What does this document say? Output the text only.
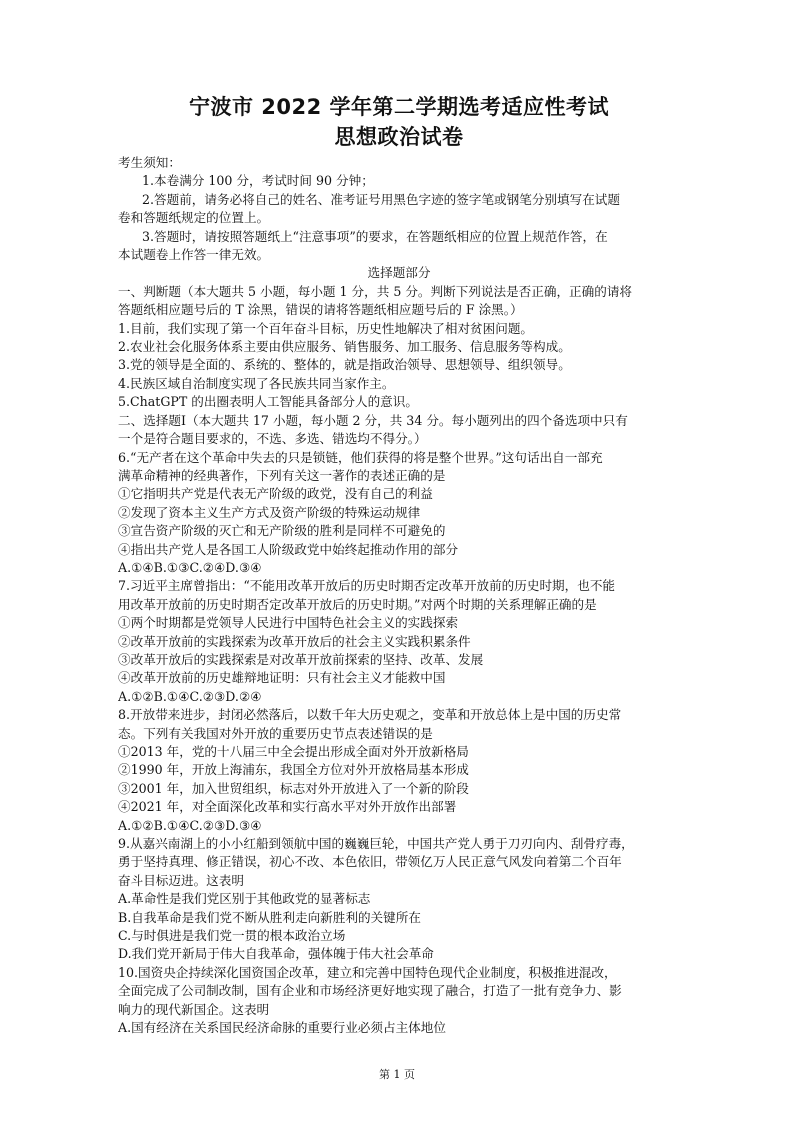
宁波市 2022 学年第二学期选考适应性考试

思想政治试卷

考生须知：

1.本卷满分 100 分，考试时间 90 分钟；

2.答题前，请务必将自己的姓名、准考证号用黑色字迹的签字笔或钢笔分别填写在试题

卷和答题纸规定的位置上。

3.答题时，请按照答题纸上“注意事项”的要求，在答题纸相应的位置上规范作答，在

本试题卷上作答一律无效。

选择题部分

一、判断题（本大题共 5 小题，每小题 1 分，共 5 分。判断下列说法是否正确，正确的请将

答题纸相应题号后的 T 涂黑，错误的请将答题纸相应题号后的 F 涂黑。）

1.目前，我们实现了第一个百年奋斗目标，历史性地解决了相对贫困问题。

2.农业社会化服务体系主要由供应服务、销售服务、加工服务、信息服务等构成。

3.党的领导是全面的、系统的、整体的，就是指政治领导、思想领导、组织领导。

4.民族区域自治制度实现了各民族共同当家作主。

5.ChatGPT 的出圈表明人工智能具备部分人的意识。

二、选择题Ⅰ（本大题共 17 小题，每小题 2 分，共 34 分。每小题列出的四个备选项中只有

一个是符合题目要求的，不选、多选、错选均不得分。）

6.“无产者在这个革命中失去的只是锁链，他们获得的将是整个世界。”这句话出自一部充

满革命精神的经典著作，下列有关这一著作的表述正确的是

①它指明共产党是代表无产阶级的政党，没有自己的利益

②发现了资本主义生产方式及资产阶级的特殊运动规律

③宣告资产阶级的灭亡和无产阶级的胜利是同样不可避免的

④指出共产党人是各国工人阶级政党中始终起推动作用的部分

A.①④B.①③C.②④D.③④

7.习近平主席曾指出：“不能用改革开放后的历史时期否定改革开放前的历史时期，也不能

用改革开放前的历史时期否定改革开放后的历史时期。”对两个时期的关系理解正确的是

①两个时期都是党领导人民进行中国特色社会主义的实践探索

②改革开放前的实践探索为改革开放后的社会主义实践积累条件

③改革开放后的实践探索是对改革开放前探索的坚持、改革、发展

④改革开放前的历史雄辩地证明：只有社会主义才能救中国

A.①②B.①④C.②③D.②④

8.开放带来进步，封闭必然落后，以数千年大历史观之，变革和开放总体上是中国的历史常

态。下列有关我国对外开放的重要历史节点表述错误的是

①2013 年，党的十八届三中全会提出形成全面对外开放新格局

②1990 年，开放上海浦东，我国全方位对外开放格局基本形成

③2001 年，加入世贸组织，标志对外开放进入了一个新的阶段

④2021 年，对全面深化改革和实行高水平对外开放作出部署

A.①②B.①④C.②③D.③④

9.从嘉兴南湖上的小小红船到领航中国的巍巍巨轮，中国共产党人勇于刀刃向内、刮骨疗毒，

勇于坚持真理、修正错误，初心不改、本色依旧，带领亿万人民正意气风发向着第二个百年

奋斗目标迈进。这表明

A.革命性是我们党区别于其他政党的显著标志

B.自我革命是我们党不断从胜利走向新胜利的关键所在

C.与时俱进是我们党一贯的根本政治立场

D.我们党开新局于伟大自我革命，强体魄于伟大社会革命

10.国资央企持续深化国资国企改革，建立和完善中国特色现代企业制度，积极推进混改，

全面完成了公司制改制，国有企业和市场经济更好地实现了融合，打造了一批有竞争力、影

响力的现代新国企。这表明

A.国有经济在关系国民经济命脉的重要行业必须占主体地位

第 1 页
